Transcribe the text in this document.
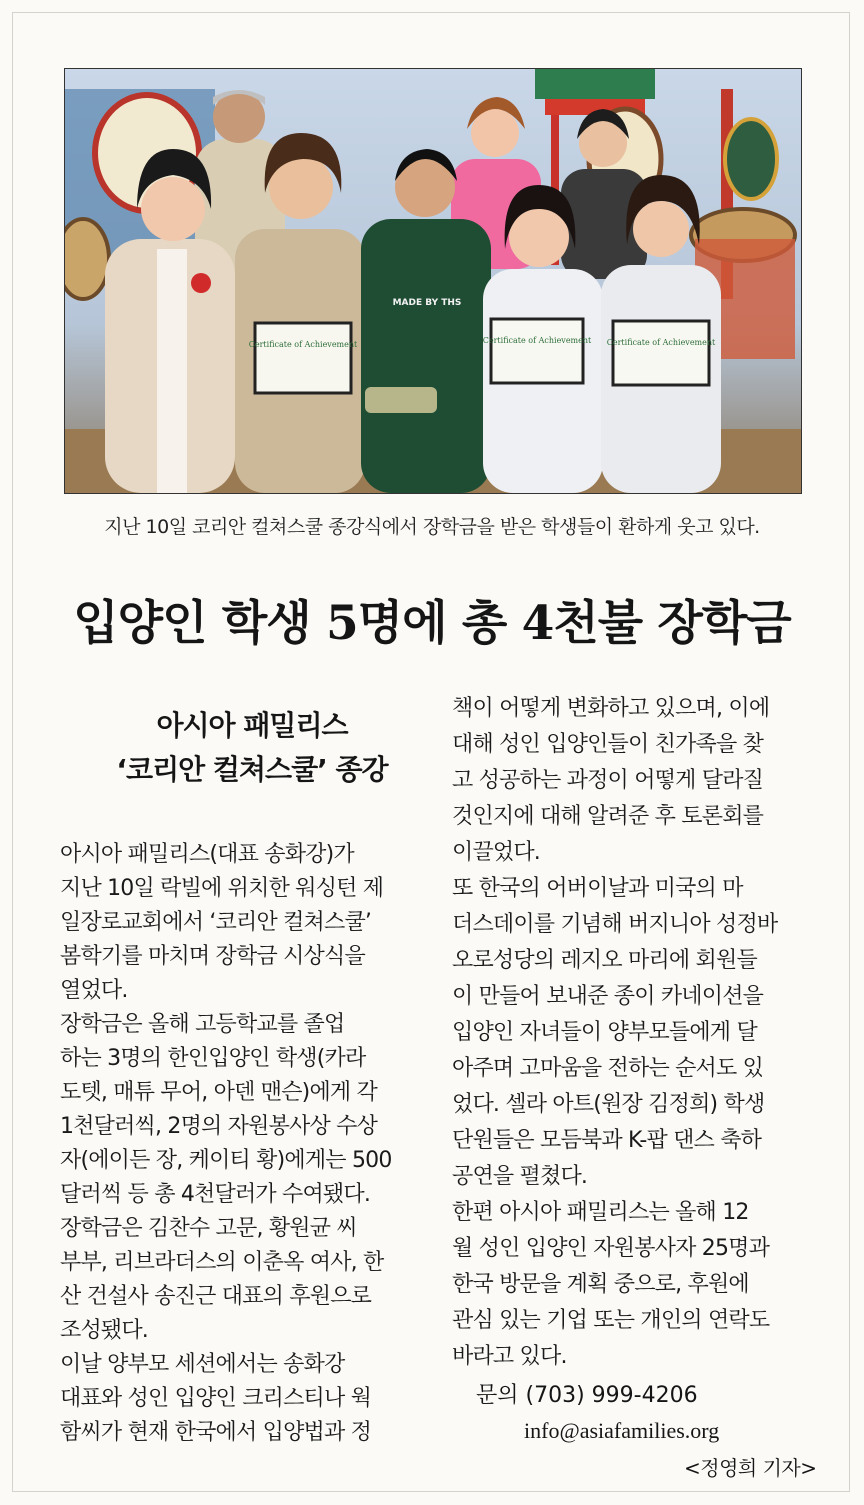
Certificate of Achievement
MADE BY THS
Certificate of Achievement Certificate of Achievement
지난 10일 코리안 컬쳐스쿨 종강식에서 장학금을 받은 학생들이 환하게 웃고 있다.
입양인 학생 5명에 총 4천불 장학금
아시아 패밀리스
‘코리안 컬쳐스쿨’ 종강
아시아 패밀리스(대표 송화강)가
지난 10일 락빌에 위치한 워싱턴 제
일장로교회에서 ‘코리안 컬쳐스쿨’
봄학기를 마치며 장학금 시상식을
열었다.
장학금은 올해 고등학교를 졸업
하는 3명의 한인입양인 학생(카라
도텟, 매튜 무어, 아덴 맨슨)에게 각
1천달러씩, 2명의 자원봉사상 수상
자(에이든 장, 케이티 황)에게는 500
달러씩 등 총 4천달러가 수여됐다.
장학금은 김찬수 고문, 황원균 씨
부부, 리브라더스의 이춘옥 여사, 한
산 건설사 송진근 대표의 후원으로
조성됐다.
이날 양부모 세션에서는 송화강
대표와 성인 입양인 크리스티나 웍
함씨가 현재 한국에서 입양법과 정
책이 어떻게 변화하고 있으며, 이에
대해 성인 입양인들이 친가족을 찾
고 성공하는 과정이 어떻게 달라질
것인지에 대해 알려준 후 토론회를
이끌었다.
또 한국의 어버이날과 미국의 마
더스데이를 기념해 버지니아 성정바
오로성당의 레지오 마리에 회원들
이 만들어 보내준 종이 카네이션을
입양인 자녀들이 양부모들에게 달
아주며 고마움을 전하는 순서도 있
었다. 셀라 아트(원장 김정희) 학생
단원들은 모듬북과 K-팝 댄스 축하
공연을 펼쳤다.
한편 아시아 패밀리스는 올해 12
월 성인 입양인 자원봉사자 25명과
한국 방문을 계획 중으로, 후원에
관심 있는 기업 또는 개인의 연락도
바라고 있다.
문의 (703) 999-4206
info@asiafamilies.org
<정영희 기자>
